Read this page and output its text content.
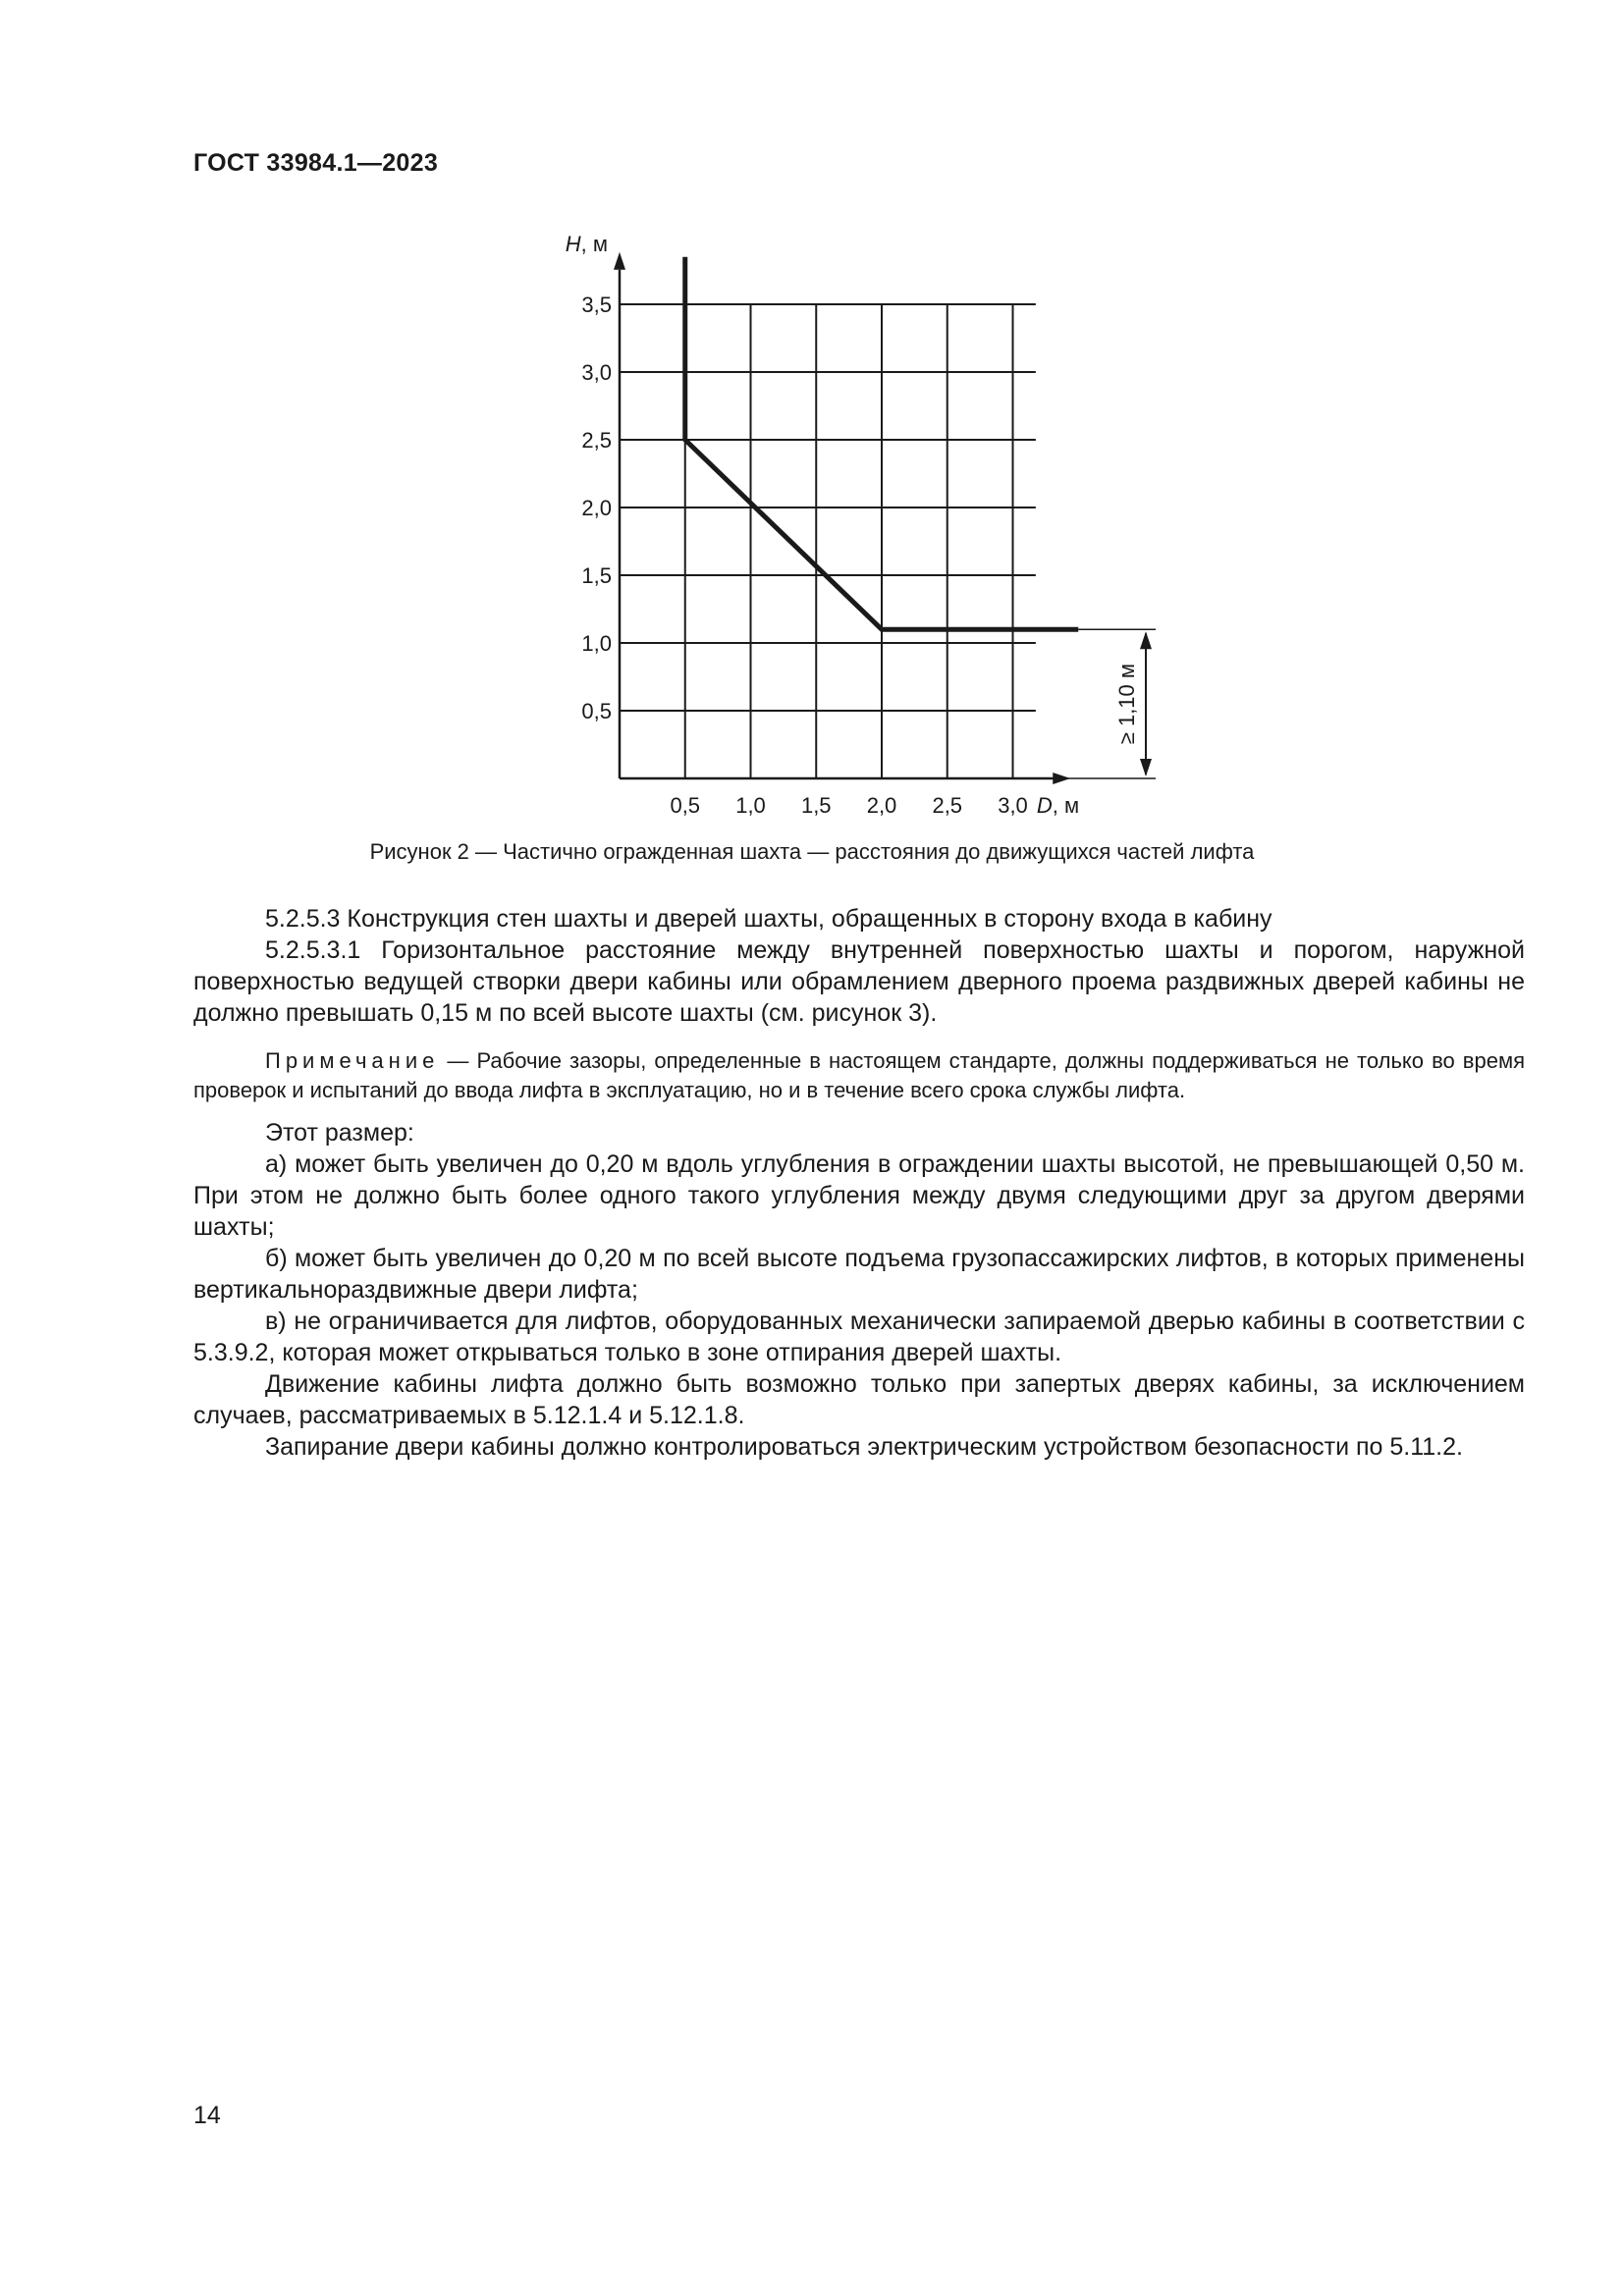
ГОСТ 33984.1—2023
0,5
1,0
1,5
2,0
2,5
3,0
3,5
0,5 1,0 1,5 2,0 2,5 3,0
H, м
D, м
≥ 1,10 м
Рисунок 2 — Частично огражденная шахта — расстояния до движущихся частей лифта

5.2.5.3 Конструкция стен шахты и дверей шахты, обращенных в сторону входа в кабину

5.2.5.3.1 Горизонтальное расстояние между внутренней поверхностью шахты и порогом, наружной поверхностью ведущей створки двери кабины или обрамлением дверного проема раздвижных дверей кабины не должно превышать 0,15 м по всей высоте шахты (см. рисунок 3).

Примечание — Рабочие зазоры, определенные в настоящем стандарте, должны поддерживаться не только во время проверок и испытаний до ввода лифта в эксплуатацию, но и в течение всего срока службы лифта.

Этот размер:

а) может быть увеличен до 0,20 м вдоль углубления в ограждении шахты высотой, не превышающей 0,50 м. При этом не должно быть более одного такого углубления между двумя следующими друг за другом дверями шахты;

б) может быть увеличен до 0,20 м по всей высоте подъема грузопассажирских лифтов, в которых применены вертикальнораздвижные двери лифта;

в) не ограничивается для лифтов, оборудованных механически запираемой дверью кабины в соответствии с 5.3.9.2, которая может открываться только в зоне отпирания дверей шахты.

Движение кабины лифта должно быть возможно только при запертых дверях кабины, за исключением случаев, рассматриваемых в 5.12.1.4 и 5.12.1.8.

Запирание двери кабины должно контролироваться электрическим устройством безопасности по 5.11.2.

14
